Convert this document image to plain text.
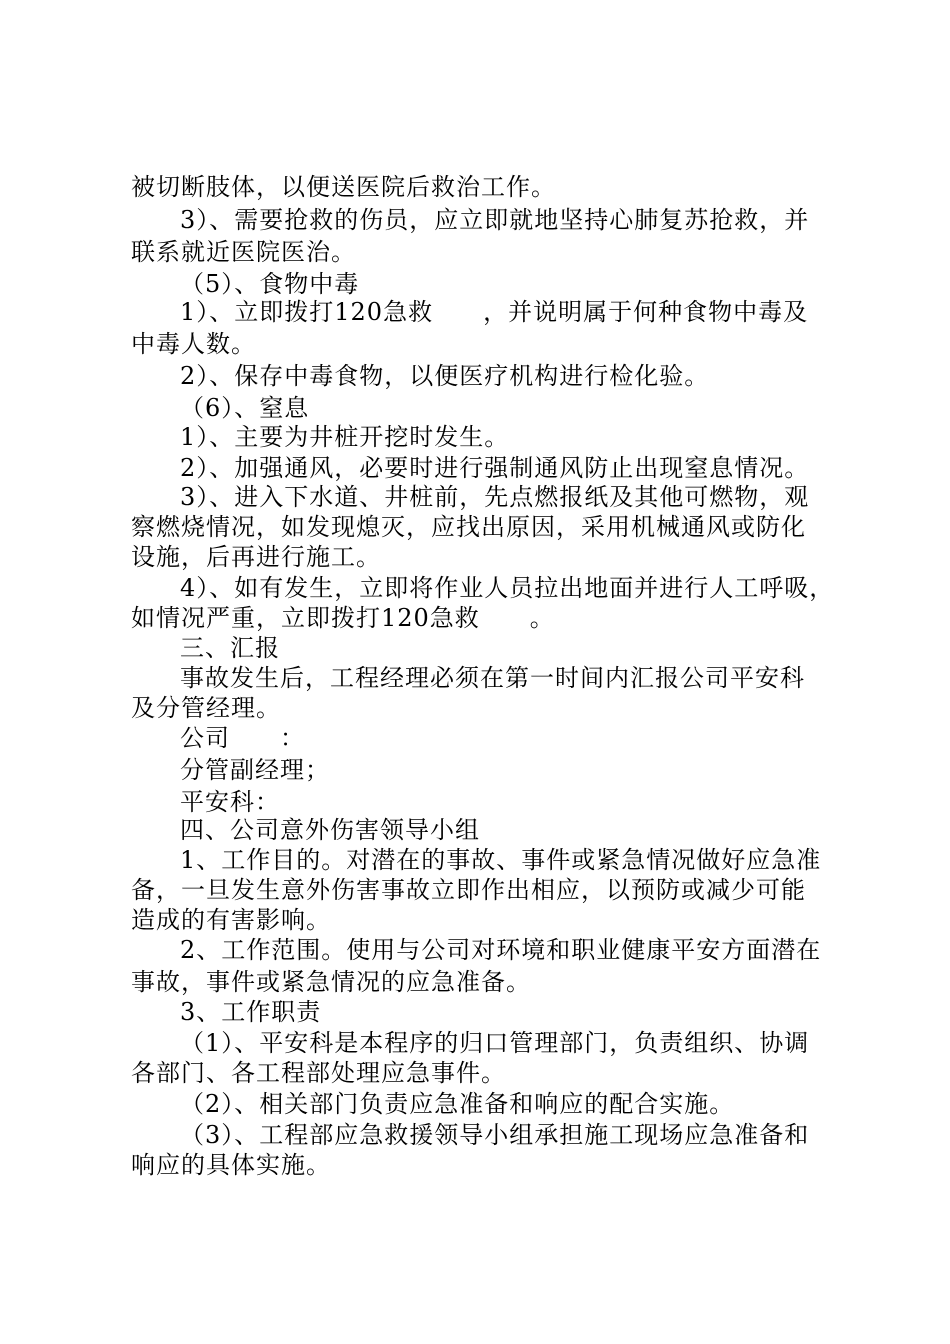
被切断肢体，以便送医院后救治工作。
3）、需要抢救的伤员，应立即就地坚持心肺复苏抢救，并
联系就近医院医治。
（5）、食物中毒
1）、立即拨打120急救　　，并说明属于何种食物中毒及
中毒人数。
2）、保存中毒食物，以便医疗机构进行检化验。
（6）、窒息
1）、主要为井桩开挖时发生。
2）、加强通风，必要时进行强制通风防止出现窒息情况。
3）、进入下水道、井桩前，先点燃报纸及其他可燃物，观
察燃烧情况，如发现熄灭，应找出原因，采用机械通风或防化
设施，后再进行施工。
4）、如有发生，立即将作业人员拉出地面并进行人工呼吸，
如情况严重，立即拨打120急救　　。
三、汇报
事故发生后，工程经理必须在第一时间内汇报公司平安科
及分管经理。
公司　　：
分管副经理；
平安科：
四、公司意外伤害领导小组
1、工作目的。对潜在的事故、事件或紧急情况做好应急准
备，一旦发生意外伤害事故立即作出相应，以预防或减少可能
造成的有害影响。
2、工作范围。使用与公司对环境和职业健康平安方面潜在
事故，事件或紧急情况的应急准备。
3、工作职责
（1）、平安科是本程序的归口管理部门，负责组织、协调
各部门、各工程部处理应急事件。
（2）、相关部门负责应急准备和响应的配合实施。
（3）、工程部应急救援领导小组承担施工现场应急准备和
响应的具体实施。
